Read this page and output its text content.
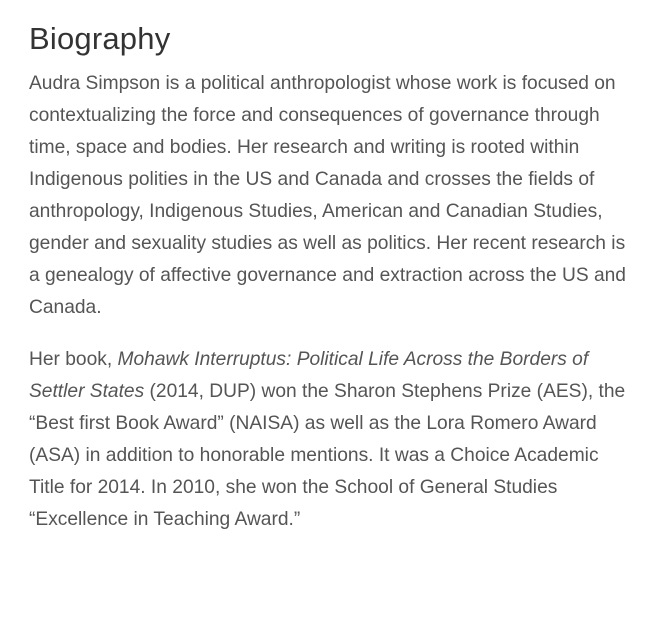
Biography

Audra Simpson is a political anthropologist whose work is focused on contextualizing the force and consequences of governance through time, space and bodies. Her research and writing is rooted within Indigenous polities in the US and Canada and crosses the fields of anthropology, Indigenous Studies, American and Canadian Studies, gender and sexuality studies as well as politics. Her recent research is a genealogy of affective governance and extraction across the US and Canada.

Her book, Mohawk Interruptus: Political Life Across the Borders of Settler States (2014, DUP) won the Sharon Stephens Prize (AES), the “Best first Book Award” (NAISA) as well as the Lora Romero Award (ASA) in addition to honorable mentions. It was a Choice Academic Title for 2014. In 2010, she won the School of General Studies “Excellence in Teaching Award.”
